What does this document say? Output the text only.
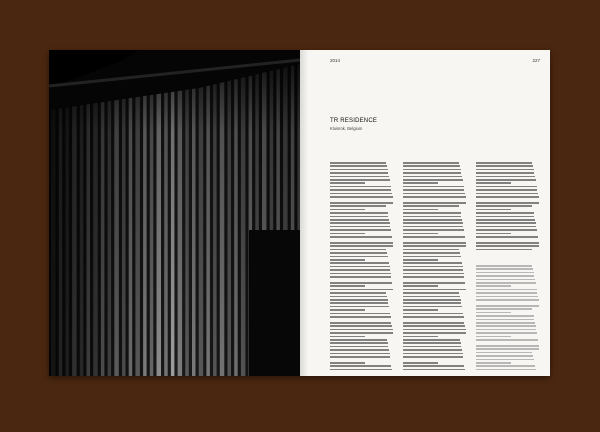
2014	227
TR RESIDENCE
Kluisrok, Belgium
